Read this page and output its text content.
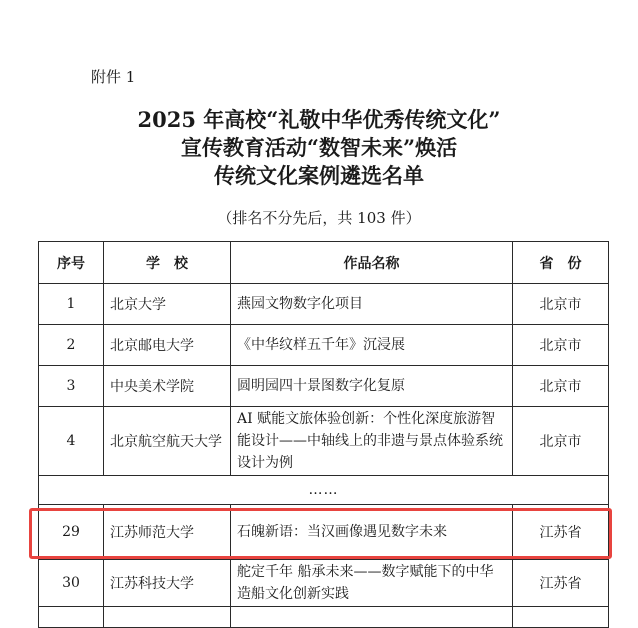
附件 1
2025 年高校“礼敬中华优秀传统文化”
宣传教育活动“数智未来”焕活
传统文化案例遴选名单
（排名不分先后，共 103 件）
序号	学　校	作品名称	省　份
1	北京大学	燕园文物数字化项目	北京市
2	北京邮电大学	《中华纹样五千年》沉浸展	北京市
3	中央美术学院	圆明园四十景图数字化复原	北京市
4	北京航空航天大学	AI 赋能文旅体验创新：个性化深度旅游智能设计——中轴线上的非遗与景点体验系统设计为例	北京市
……			
29	江苏师范大学	石魄新语：当汉画像遇见数字未来	江苏省
30	江苏科技大学	舵定千年 船承未来——数字赋能下的中华造船文化创新实践	江苏省
